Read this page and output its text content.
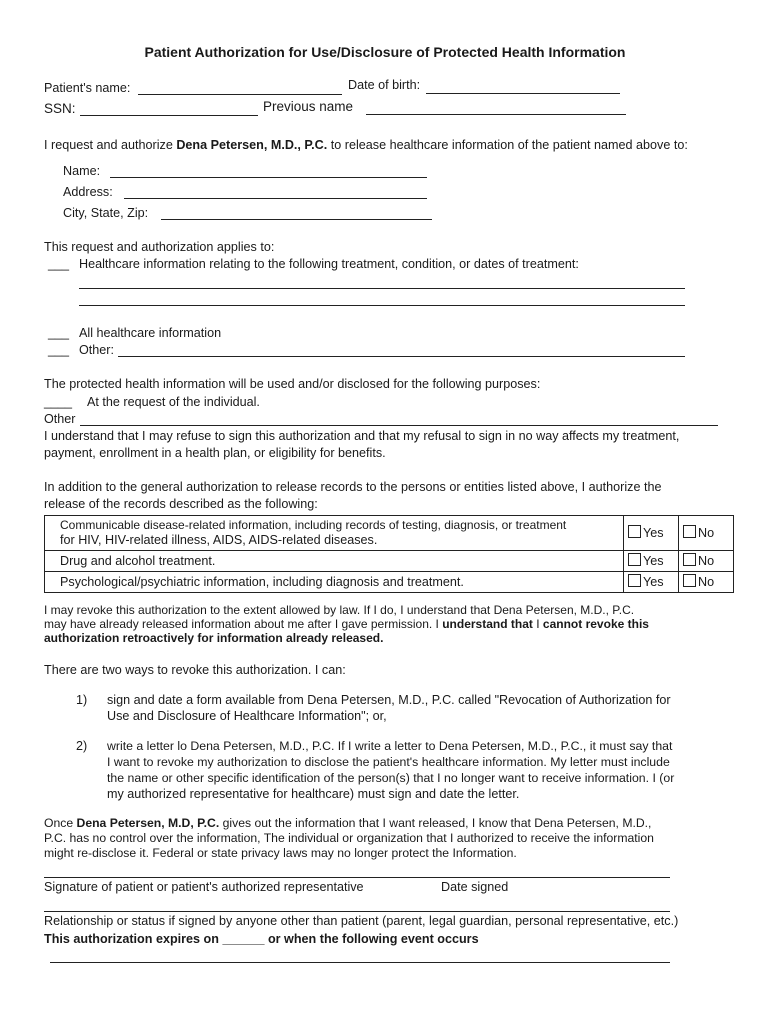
Patient Authorization for Use/Disclosure of Protected Health Information
Patient's name:	Date of birth:
SSN:	Previous name
I request and authorize Dena Petersen, M.D., P.C. to release healthcare information of the patient named above to:
Name:
Address:
City, State, Zip:
This request and authorization applies to:
___ Healthcare information relating to the following treatment, condition, or dates of treatment:
___ All healthcare information
___ Other:
The protected health information will be used and/or disclosed for the following purposes:
____ At the request of the individual.
Other
I understand that I may refuse to sign this authorization and that my refusal to sign in no way affects my treatment,
payment, enrollment in a health plan, or eligibility for benefits.
In addition to the general authorization to release records to the persons or entities listed above, I authorize the
release of the records described as the following:
Communicable disease-related information, including records of testing, diagnosis, or treatment
for HIV, HIV-related illness, AIDS, AIDS-related diseases.	Yes	No

Drug and alcohol treatment.	Yes	No

Psychological/psychiatric information, including diagnosis and treatment.	Yes	No
I may revoke this authorization to the extent allowed by law. If I do, I understand that Dena Petersen, M.D., P.C.
may have already released information about me after I gave permission. I understand that I cannot revoke this
authorization retroactively for information already released.
There are two ways to revoke this authorization. I can:
1) sign and date a form available from Dena Petersen, M.D., P.C. called "Revocation of Authorization for
Use and Disclosure of Healthcare Information"; or,
2) write a letter lo Dena Petersen, M.D., P.C. If I write a letter to Dena Petersen, M.D., P.C., it must say that
I want to revoke my authorization to disclose the patient's healthcare information. My letter must include
the name or other specific identification of the person(s) that I no longer want to receive information. I (or
my authorized representative for healthcare) must sign and date the letter.
Once Dena Petersen, M.D, P.C. gives out the information that I want released, I know that Dena Petersen, M.D.,
P.C. has no control over the information, The individual or organization that I authorized to receive the information
might re-disclose it. Federal or state privacy laws may no longer protect the Information.
Signature of patient or patient's authorized representative	Date signed
Relationship or status if signed by anyone other than patient (parent, legal guardian, personal representative, etc.)
This authorization expires on ______ or when the following event occurs
